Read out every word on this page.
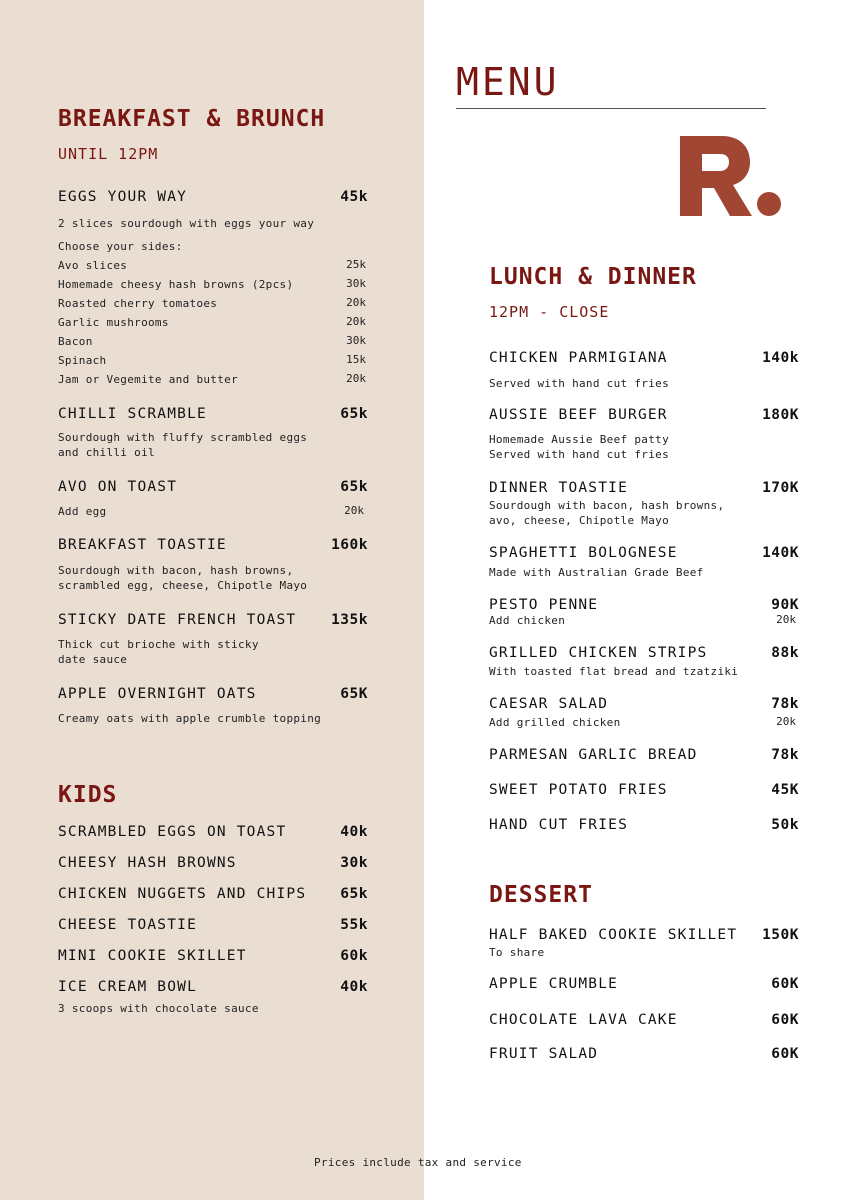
MENU
BREAKFAST & BRUNCH
UNTIL 12PM
EGGS YOUR WAY	45k
2 slices sourdough with eggs your way
Choose your sides:
Avo slices	25k
Homemade cheesy hash browns (2pcs)	30k
Roasted cherry tomatoes	20k
Garlic mushrooms	20k
Bacon	30k
Spinach	15k
Jam or Vegemite and butter	20k
CHILLI SCRAMBLE	65k
Sourdough with fluffy scrambled eggs
and chilli oil
AVO ON TOAST	65k
Add egg	20k
BREAKFAST TOASTIE	160k
Sourdough with bacon, hash browns,
scrambled egg, cheese, Chipotle Mayo
STICKY DATE FRENCH TOAST 135k
Thick cut brioche with sticky
date sauce
APPLE OVERNIGHT OATS	65K
Creamy oats with apple crumble topping
KIDS
SCRAMBLED EGGS ON TOAST	40k
CHEESY HASH BROWNS	30k
CHICKEN NUGGETS AND CHIPS 65k
CHEESE TOASTIE	55k
MINI COOKIE SKILLET	60k
ICE CREAM BOWL	40k
3 scoops with chocolate sauce
LUNCH & DINNER
12PM - CLOSE
CHICKEN PARMIGIANA	140k
Served with hand cut fries
AUSSIE BEEF BURGER	180K
Homemade Aussie Beef patty
Served with hand cut fries
DINNER TOASTIE	170K
Sourdough with bacon, hash browns,
avo, cheese, Chipotle Mayo
SPAGHETTI BOLOGNESE	140K
Made with Australian Grade Beef
PESTO PENNE	90K
Add chicken	20k
GRILLED CHICKEN STRIPS	88k
With toasted flat bread and tzatziki
CAESAR SALAD	78k
Add grilled chicken	20k
PARMESAN GARLIC BREAD	78k
SWEET POTATO FRIES	45K
HAND CUT FRIES	50k
DESSERT
HALF BAKED COOKIE SKILLET 150K
To share
APPLE CRUMBLE	60K
CHOCOLATE LAVA CAKE	60K
FRUIT SALAD	60K
Prices include tax and service
